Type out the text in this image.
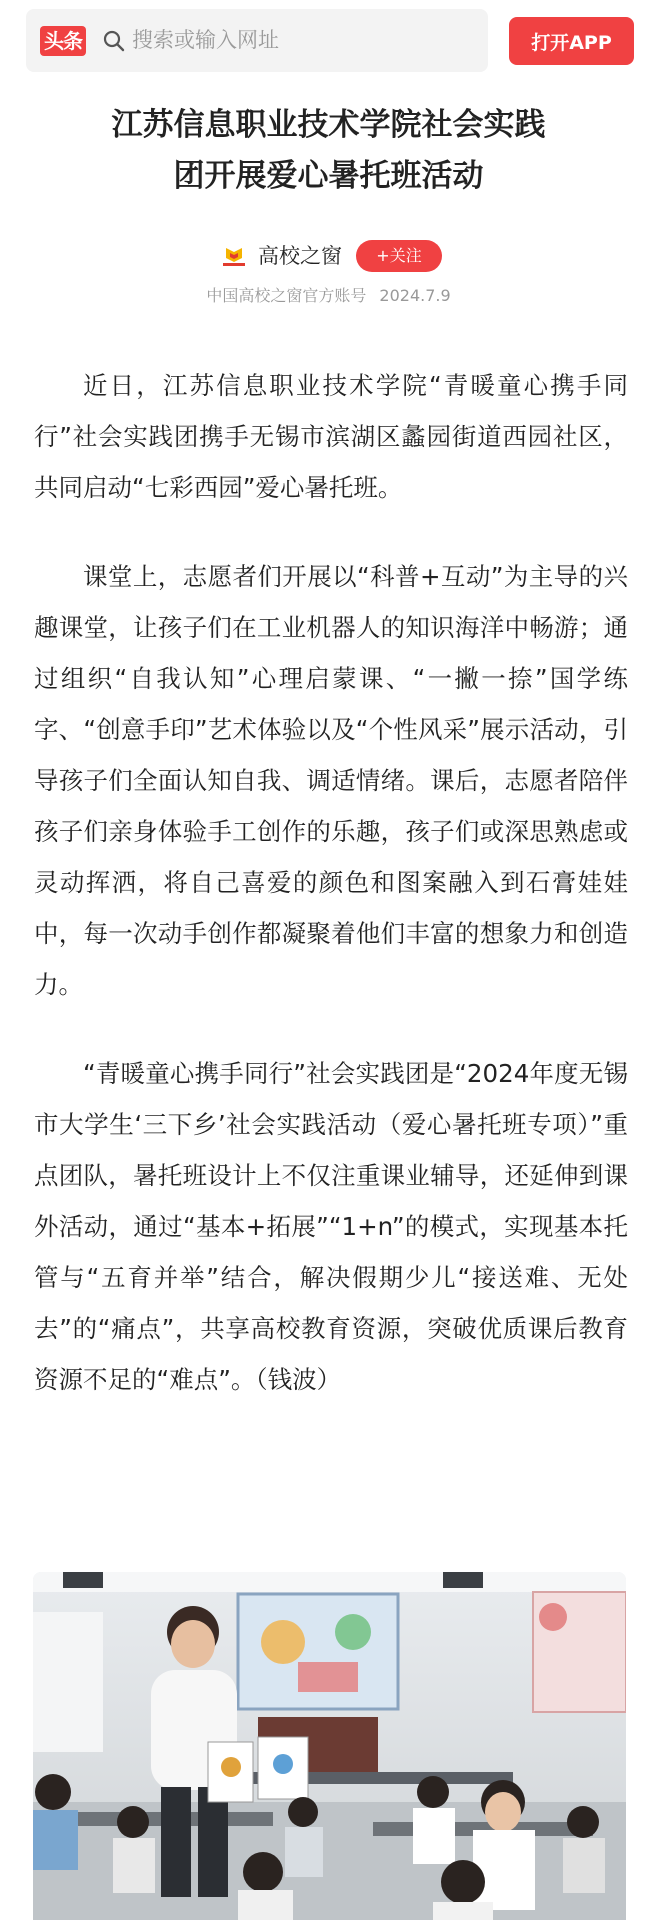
头条
搜索或输入网址	打开APP
江苏信息职业技术学院社会实践
团开展爱心暑托班活动
高校之窗	+关注
中国高校之窗官方账号 2024.7.9

近日，江苏信息职业技术学院“青暖童心携手同行”社会实践团携手无锡市滨湖区蠡园街道西园社区，共同启动“七彩西园”爱心暑托班。

课堂上，志愿者们开展以“科普+互动”为主导的兴趣课堂，让孩子们在工业机器人的知识海洋中畅游；通过组织“自我认知”心理启蒙课、“一撇一捺”国学练字、“创意手印”艺术体验以及“个性风采”展示活动，引导孩子们全面认知自我、调适情绪。课后，志愿者陪伴孩子们亲身体验手工创作的乐趣，孩子们或深思熟虑或灵动挥洒，将自己喜爱的颜色和图案融入到石膏娃娃中，每一次动手创作都凝聚着他们丰富的想象力和创造力。

“青暖童心携手同行”社会实践团是“2024年度无锡市大学生‘三下乡’社会实践活动（爱心暑托班专项）”重点团队，暑托班设计上不仅注重课业辅导，还延伸到课外活动，通过“基本+拓展”“1+n”的模式，实现基本托管与“五育并举”结合，解决假期少儿“接送难、无处去”的“痛点”，共享高校教育资源，突破优质课后教育资源不足的“难点”。（钱波）
